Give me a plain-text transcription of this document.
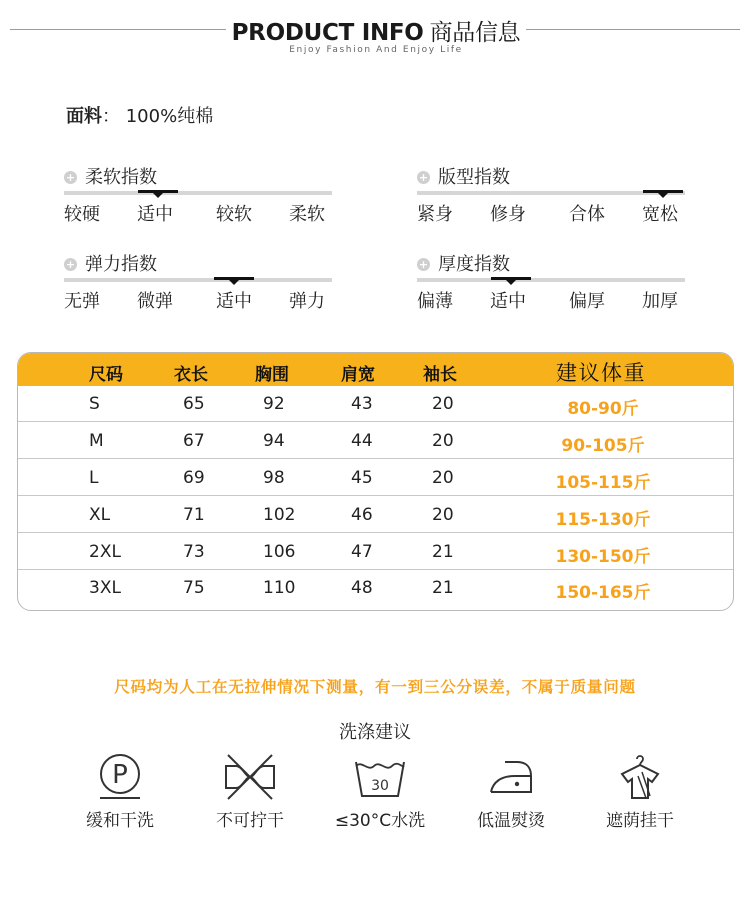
PRODUCT INFO 商品信息
Enjoy Fashion And Enjoy Life
面料： 100%纯棉
+ 柔软指数
较硬 适中 较软 柔软
+ 版型指数
紧身 修身 合体 宽松
+ 弹力指数
无弹 微弹 适中 弹力
+ 厚度指数
偏薄 适中 偏厚 加厚
尺码	衣长	胸围	肩宽	袖长	建议体重
S	65	92	43	20	80-90斤
M	67	94	44	20	90-105斤
L	69	98	45	20	105-115斤
XL	71	102	46	20	115-130斤
2XL	73	106	47	21	130-150斤
3XL	75	110	48	21	150-165斤
尺码均为人工在无拉伸情况下测量，有一到三公分误差，不属于质量问题
洗涤建议
P
缓和干洗	不可拧干
30
≤30°C水洗	低温熨烫	遮荫挂干
